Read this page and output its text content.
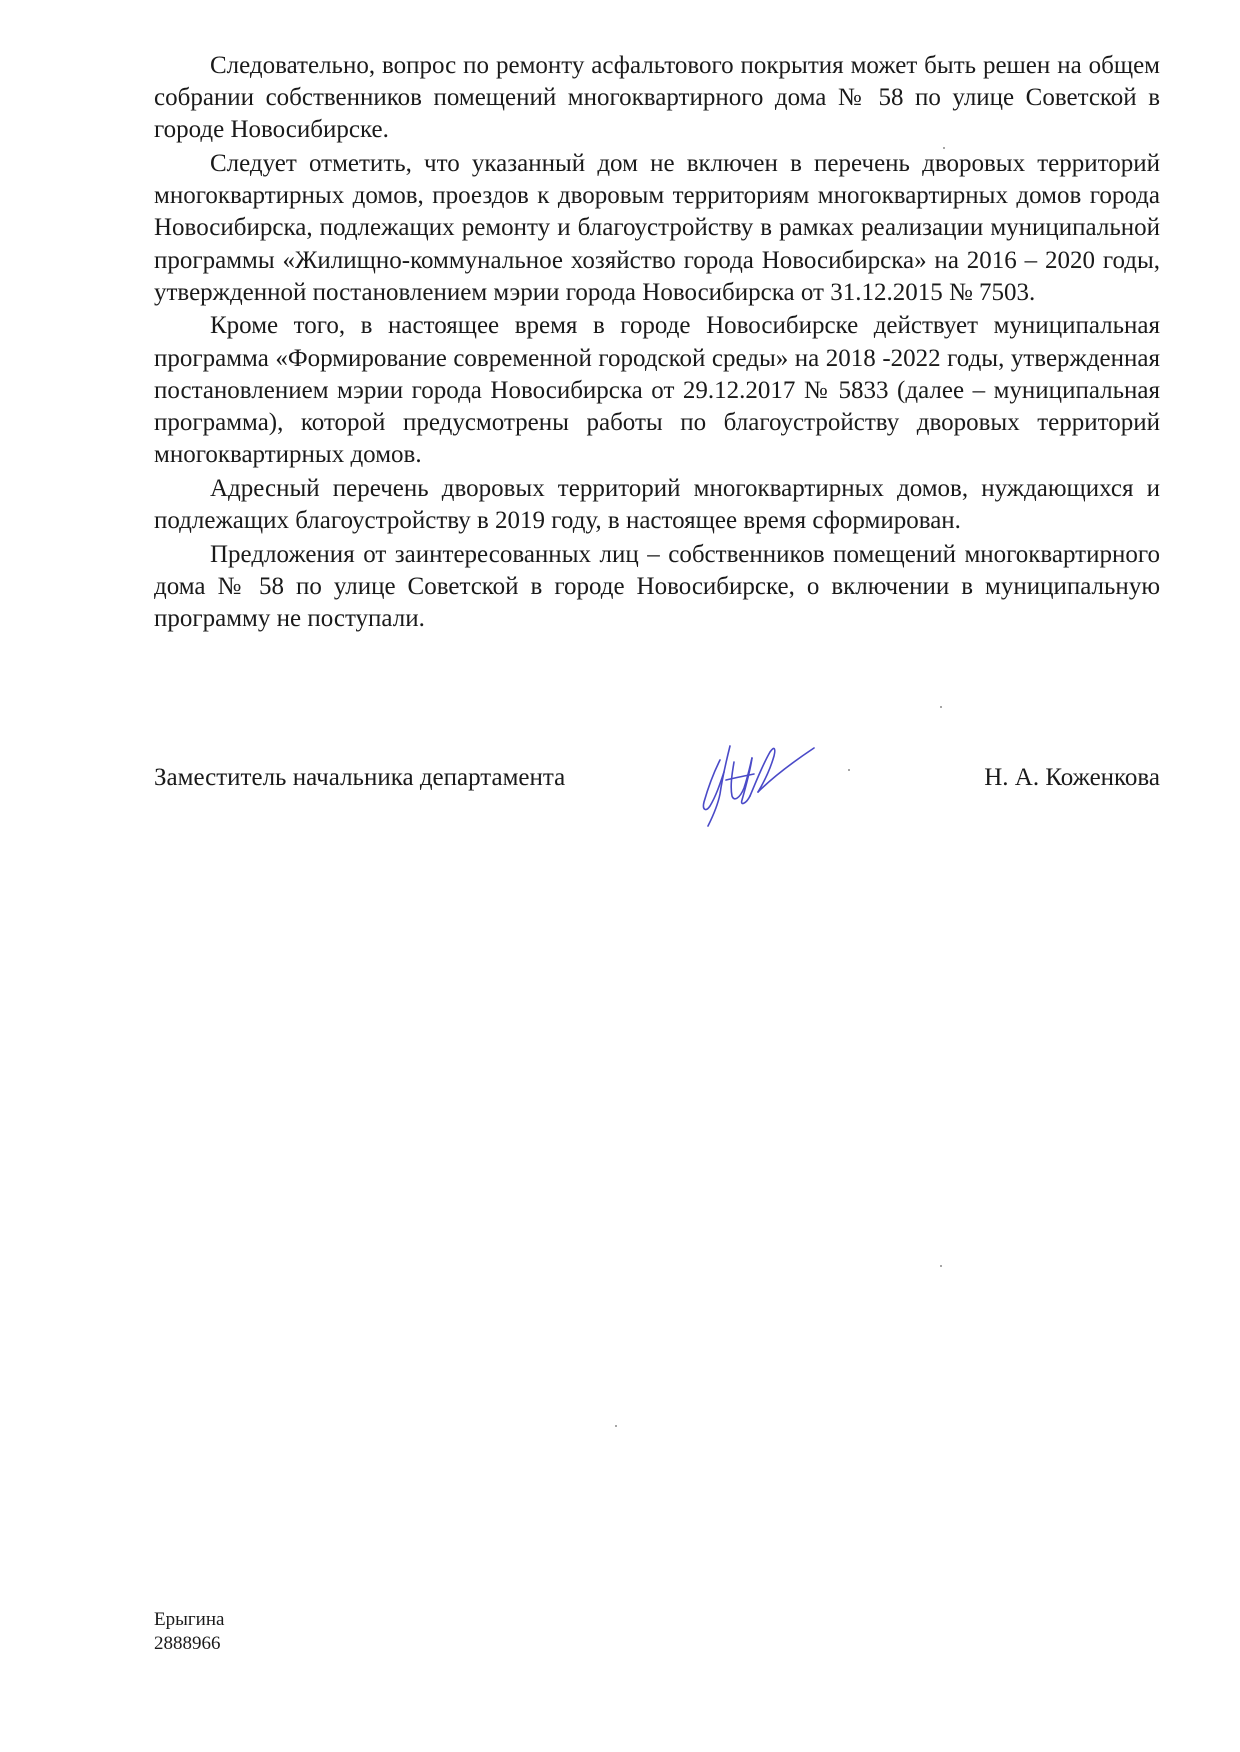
Следовательно, вопрос по ремонту асфальтового покрытия может быть решен на общем собрании собственников помещений многоквартирного дома № 58 по улице Советской в городе Новосибирске.

Следует отметить, что указанный дом не включен в перечень дворовых территорий многоквартирных домов, проездов к дворовым территориям многоквартирных домов города Новосибирска, подлежащих ремонту и благоустройству в рамках реализации муниципальной программы «Жилищно-коммунальное хозяйство города Новосибирска» на 2016 – 2020 годы, утвержденной постановлением мэрии города Новосибирска от 31.12.2015 № 7503.

Кроме того, в настоящее время в городе Новосибирске действует муниципальная программа «Формирование современной городской среды» на 2018 -2022 годы, утвержденная постановлением мэрии города Новосибирска от 29.12.2017 № 5833 (далее – муниципальная программа), которой предусмотрены работы по благоустройству дворовых территорий многоквартирных домов.

Адресный перечень дворовых территорий многоквартирных домов, нуждающихся и подлежащих благоустройству в 2019 году, в настоящее время сформирован.

Предложения от заинтересованных лиц – собственников помещений многоквартирного дома № 58 по улице Советской в городе Новосибирске, о включении в муниципальную программу не поступали.

Заместитель начальника департамента	Н. А. Коженкова
Ерыгина
2888966
